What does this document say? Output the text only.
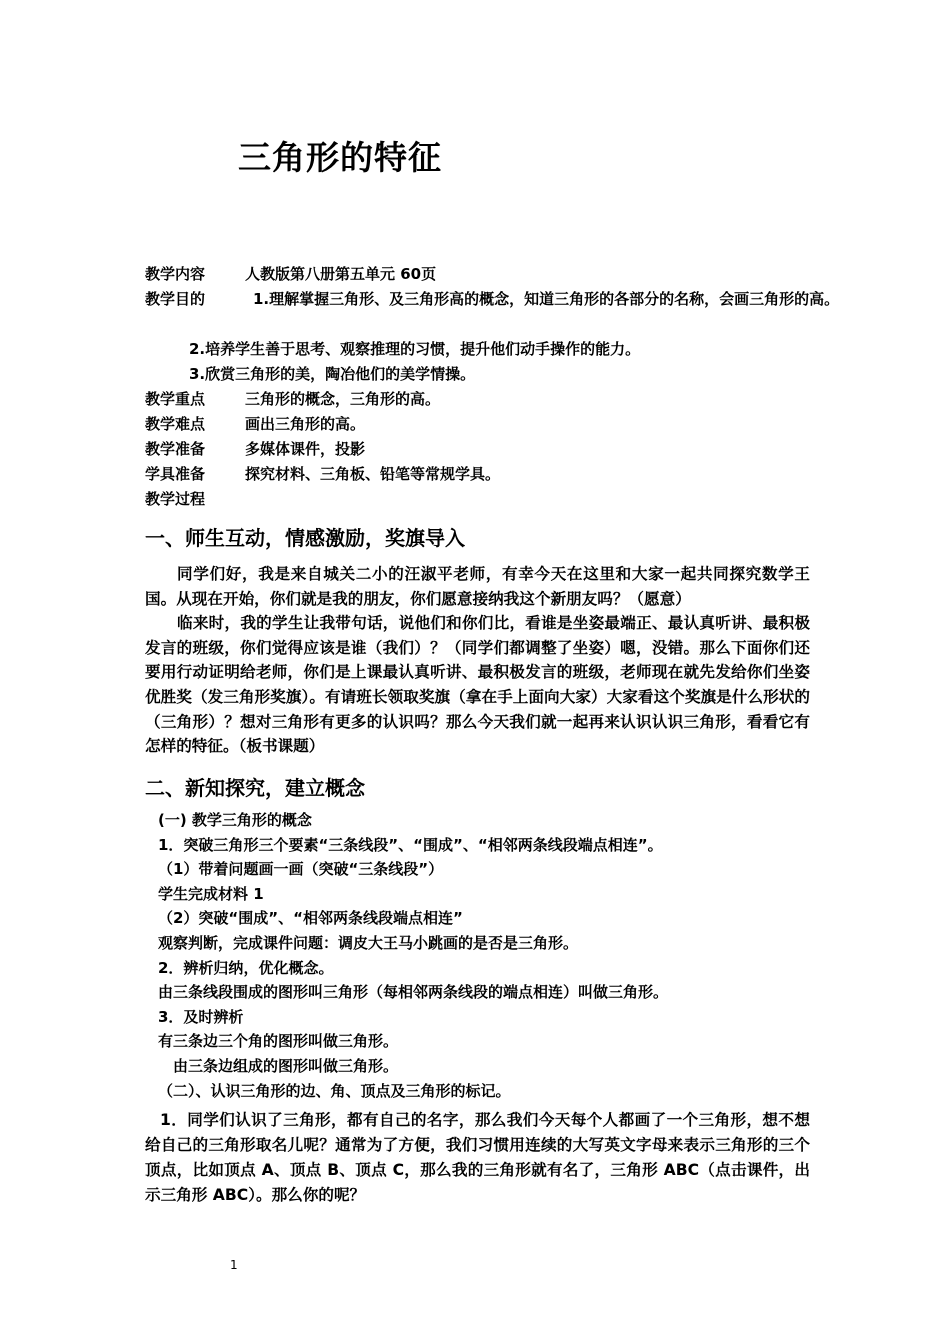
三角形的特征
教学内容	人教版第八册第五单元 60页
教学目的	1.理解掌握三角形、及三角形高的概念，知道三角形的各部分的名称，会画三角形的高。
2.培养学生善于思考、观察推理的习惯，提升他们动手操作的能力。
3.欣赏三角形的美，陶冶他们的美学情操。
教学重点	三角形的概念，三角形的高。
教学难点	画出三角形的高。
教学准备	多媒体课件，投影
学具准备	探究材料、三角板、铅笔等常规学具。
教学过程
一、师生互动，情感激励，奖旗导入

同学们好，我是来自城关二小的汪淑平老师，有幸今天在这里和大家一起共同探究数学王国。从现在开始，你们就是我的朋友，你们愿意接纳我这个新朋友吗？（愿意）

临来时，我的学生让我带句话，说他们和你们比，看谁是坐姿最端正、最认真听讲、最积极发言的班级，你们觉得应该是谁（我们）？（同学们都调整了坐姿）嗯，没错。那么下面你们还要用行动证明给老师，你们是上课最认真听讲、最积极发言的班级，老师现在就先发给你们坐姿优胜奖（发三角形奖旗）。有请班长领取奖旗（拿在手上面向大家）大家看这个奖旗是什么形状的（三角形）？想对三角形有更多的认识吗？那么今天我们就一起再来认识认识三角形，看看它有怎样的特征。（板书课题）

二、新知探究，建立概念
(一) 教学三角形的概念
1．突破三角形三个要素“三条线段”、“围成”、“相邻两条线段端点相连”。
（1）带着问题画一画（突破“三条线段”）
学生完成材料 1
（2）突破“围成”、“相邻两条线段端点相连”
观察判断，完成课件问题：调皮大王马小跳画的是否是三角形。
2．辨析归纳，优化概念。
由三条线段围成的图形叫三角形（每相邻两条线段的端点相连）叫做三角形。
3．及时辨析
有三条边三个角的图形叫做三角形。
由三条边组成的图形叫做三角形。
（二）、认识三角形的边、角、顶点及三角形的标记。
1．同学们认识了三角形，都有自己的名字，那么我们今天每个人都画了一个三角形，想不想给自己的三角形取名儿呢？通常为了方便，我们习惯用连续的大写英文字母来表示三角形的三个顶点，比如顶点 A、顶点 B、顶点 C，那么我的三角形就有名了，三角形 ABC（点击课件，出示三角形 ABC）。那么你的呢？
1
